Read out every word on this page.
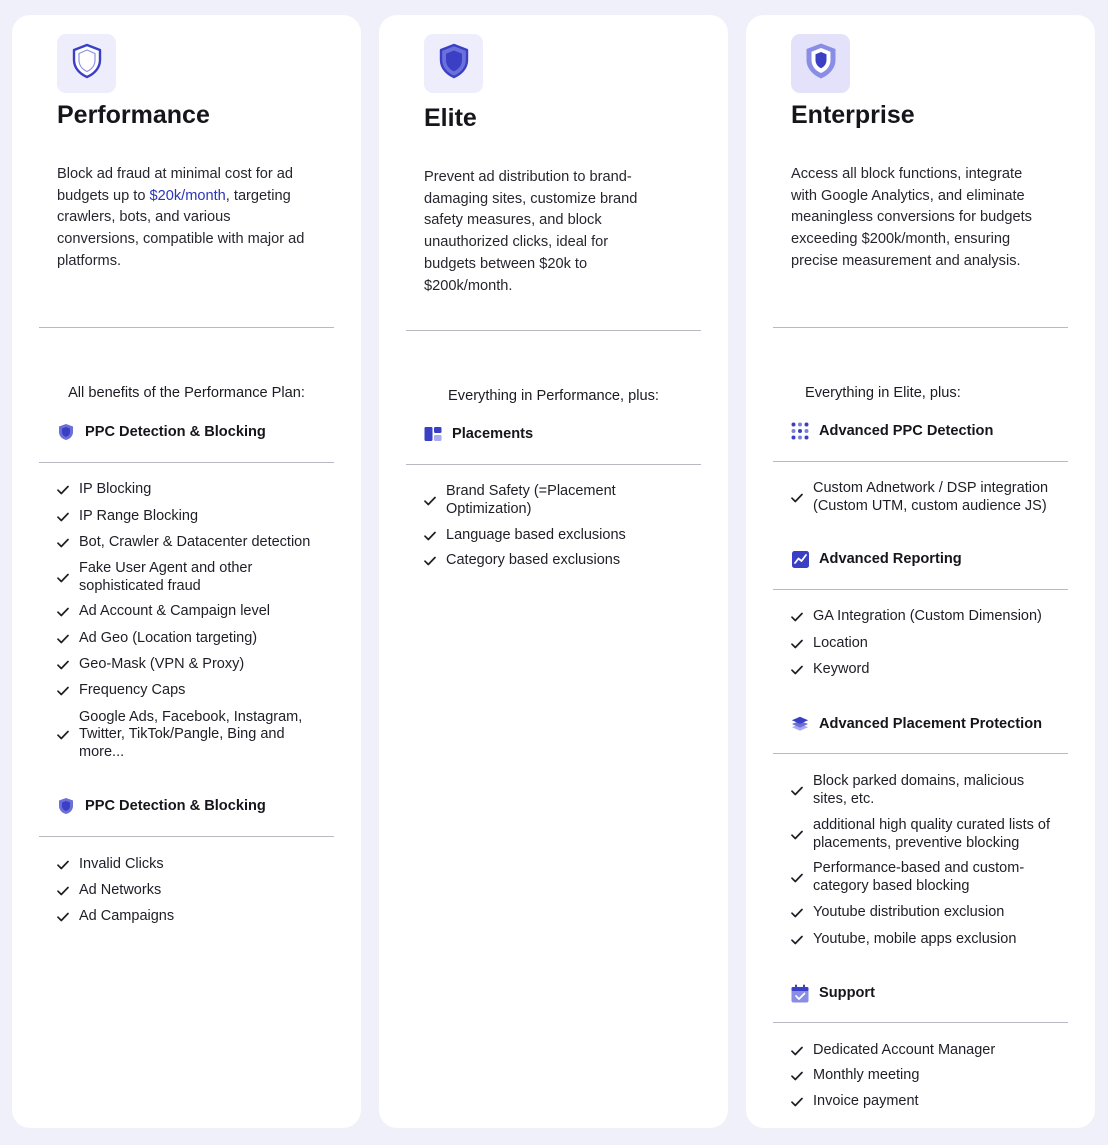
Performance
Block ad fraud at minimal cost for ad budgets up to $20k/month, targeting crawlers, bots, and various conversions, compatible with major ad platforms.
All benefits of the Performance Plan:
PPC Detection & Blocking
IP Blocking
IP Range Blocking
Bot, Crawler & Datacenter detection
Fake User Agent and other sophisticated fraud
Ad Account & Campaign level
Ad Geo (Location targeting)
Geo-Mask (VPN & Proxy)
Frequency Caps
Google Ads, Facebook, Instagram, Twitter, TikTok/Pangle, Bing and more...
PPC Detection & Blocking
Invalid Clicks
Ad Networks
Ad Campaigns
Elite
Prevent ad distribution to brand-damaging sites, customize brand safety measures, and block unauthorized clicks, ideal for budgets between $20k to $200k/month.
Everything in Performance, plus:
Placements
Brand Safety (=Placement Optimization)
Language based exclusions
Category based exclusions
Enterprise
Access all block functions, integrate with Google Analytics, and eliminate meaningless conversions for budgets exceeding $200k/month, ensuring precise measurement and analysis.
Everything in Elite, plus:
Advanced PPC Detection
Custom Adnetwork / DSP integration (Custom UTM, custom audience JS)
Advanced Reporting
GA Integration (Custom Dimension)
Location
Keyword
Advanced Placement Protection
Block parked domains, malicious sites, etc.
additional high quality curated lists of placements, preventive blocking
Performance-based and custom-category based blocking
Youtube distribution exclusion
Youtube, mobile apps exclusion
Support
Dedicated Account Manager
Monthly meeting
Invoice payment
